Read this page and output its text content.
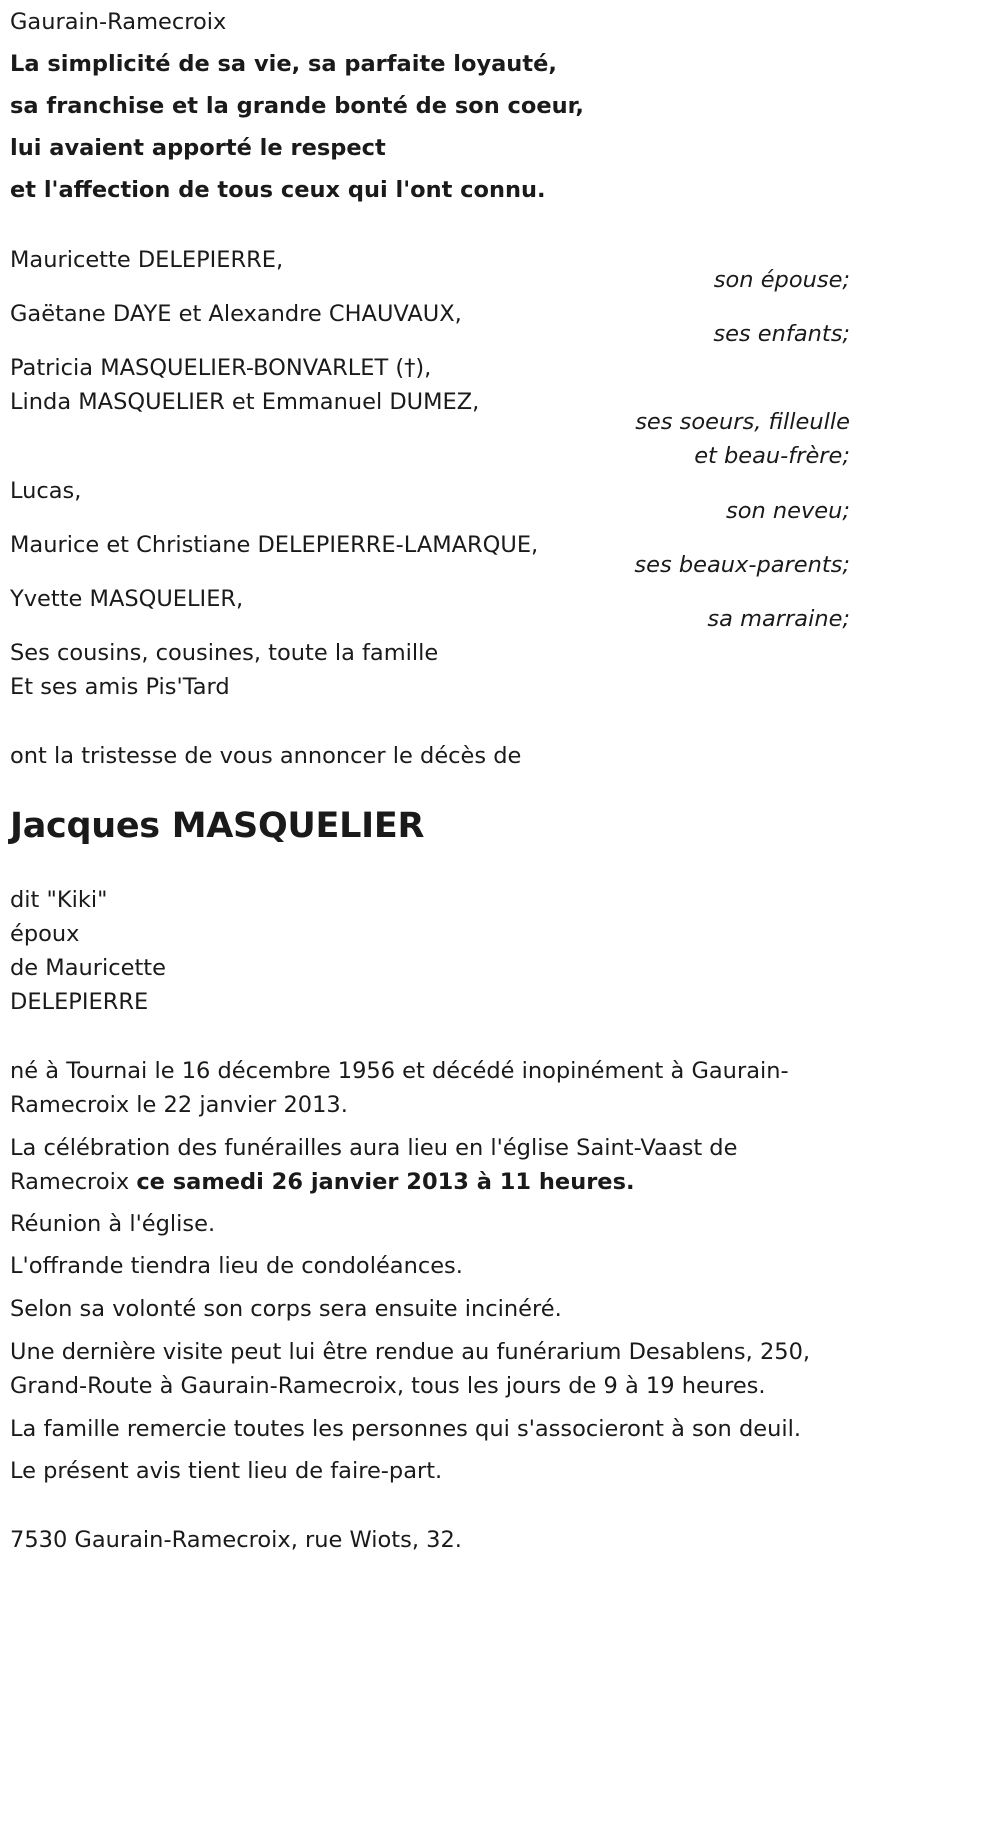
Gaurain-Ramecroix
La simplicité de sa vie, sa parfaite loyauté,
sa franchise et la grande bonté de son coeur,
lui avaient apporté le respect
et l'affection de tous ceux qui l'ont connu.
Mauricette DELEPIERRE,
son épouse;
Gaëtane DAYE et Alexandre CHAUVAUX,
ses enfants;
Patricia MASQUELIER-BONVARLET (†),
Linda MASQUELIER et Emmanuel DUMEZ,
ses soeurs, filleulle
et beau-frère;
Lucas,
son neveu;
Maurice et Christiane DELEPIERRE-LAMARQUE,
ses beaux-parents;
Yvette MASQUELIER,
sa marraine;
Ses cousins, cousines, toute la famille
Et ses amis Pis'Tard
ont la tristesse de vous annoncer le décès de
Jacques MASQUELIER
dit "Kiki"
époux
de Mauricette
DELEPIERRE
né à Tournai le 16 décembre 1956 et décédé inopinément à Gaurain-
Ramecroix le 22 janvier 2013.
La célébration des funérailles aura lieu en l'église Saint-Vaast de
Ramecroix ce samedi 26 janvier 2013 à 11 heures.
Réunion à l'église.
L'offrande tiendra lieu de condoléances.
Selon sa volonté son corps sera ensuite incinéré.
Une dernière visite peut lui être rendue au funérarium Desablens, 250,
Grand-Route à Gaurain-Ramecroix, tous les jours de 9 à 19 heures.
La famille remercie toutes les personnes qui s'associeront à son deuil.
Le présent avis tient lieu de faire-part.
7530 Gaurain-Ramecroix, rue Wiots, 32.
